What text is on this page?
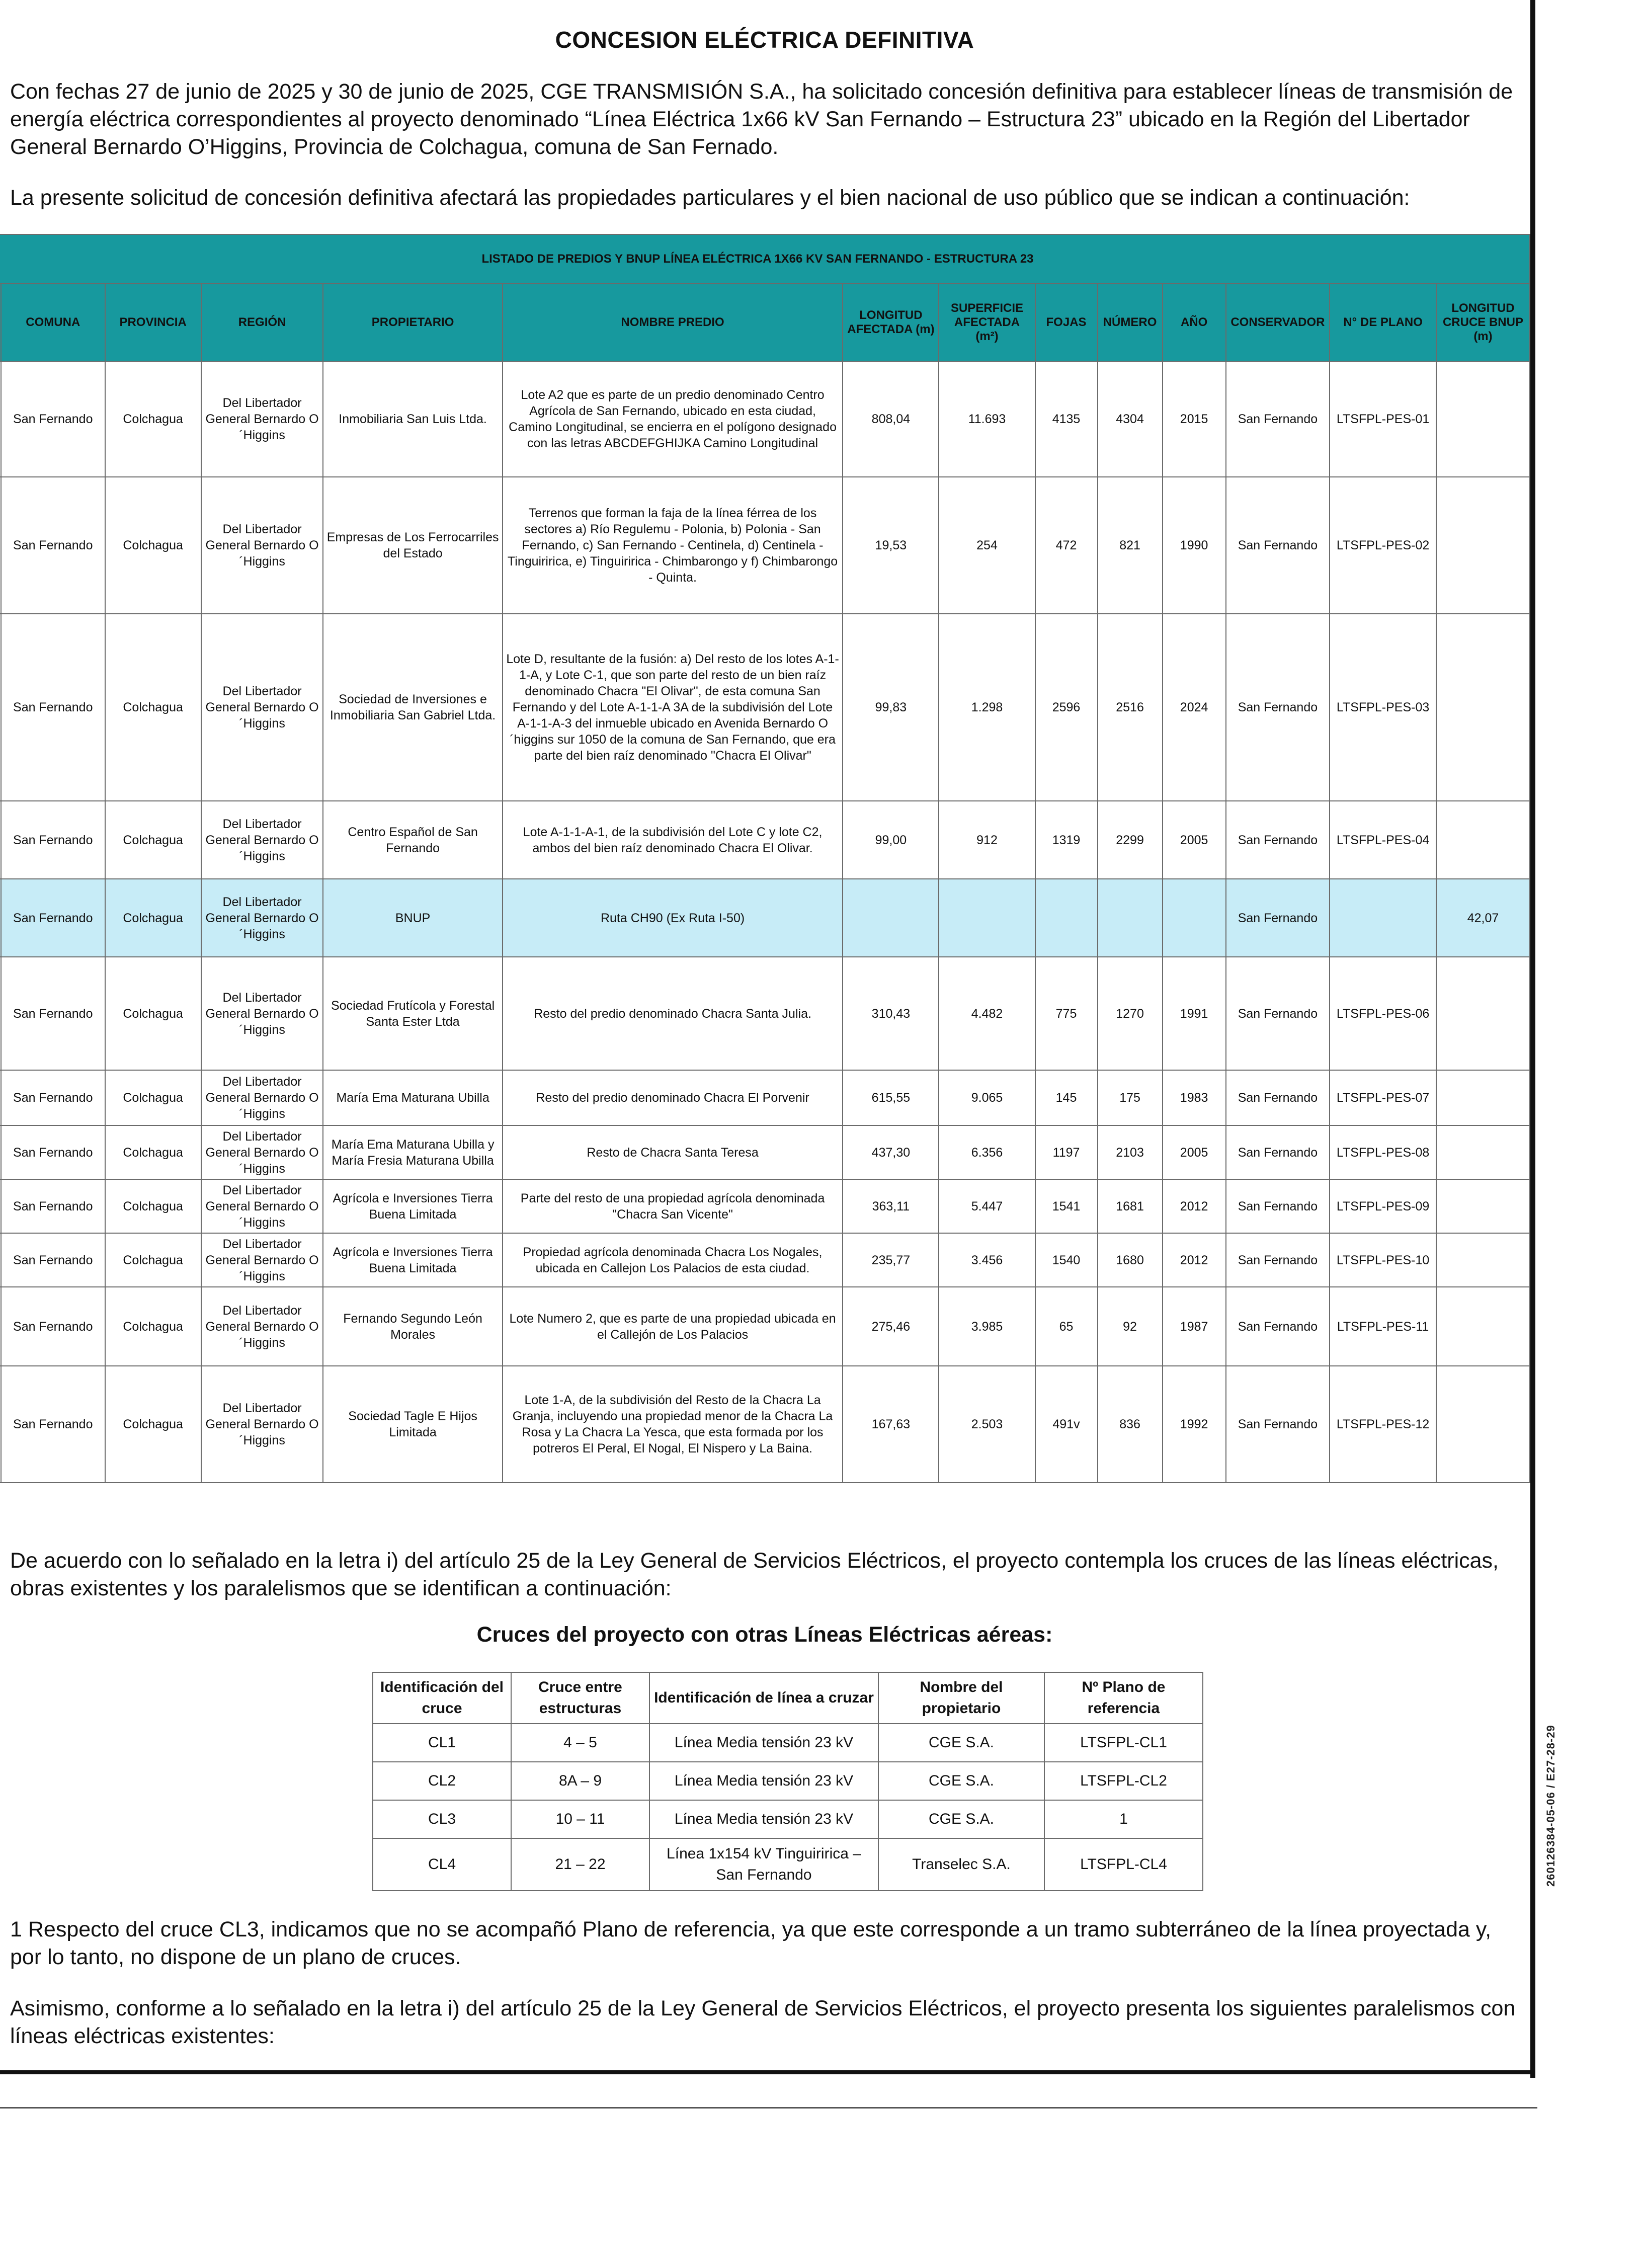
CONCESION ELÉCTRICA DEFINITIVA
Con fechas 27 de junio de 2025 y 30 de junio de 2025, CGE TRANSMISIÓN S.A., ha solicitado concesión definitiva para establecer líneas de transmisión de energía eléctrica correspondientes al proyecto denominado “Línea Eléctrica 1x66 kV San Fernando – Estructura 23” ubicado en la Región del Libertador General Bernardo O’Higgins, Provincia de Colchagua, comuna de San Fernado.
La presente solicitud de concesión definitiva afectará las propiedades particulares y el bien nacional de uso público que se indican a continuación:
LISTADO DE PREDIOS Y BNUP LÍNEA ELÉCTRICA 1X66 KV SAN FERNANDO - ESTRUCTURA 23													
	COMUNA	PROVINCIA	REGIÓN	PROPIETARIO	NOMBRE PREDIO	LONGITUD AFECTADA (m)	SUPERFICIE AFECTADA (m²)	FOJAS	NÚMERO	AÑO	CONSERVADOR	N° DE PLANO	LONGITUD CRUCE BNUP (m)
	San Fernando	Colchagua	Del Libertador General Bernardo O´Higgins	Inmobiliaria San Luis Ltda.	Lote A2 que es parte de un predio denominado Centro Agrícola de San Fernando, ubicado en esta ciudad, Camino Longitudinal, se encierra en el polígono designado con las letras ABCDEFGHIJKA Camino Longitudinal	808,04	11.693	4135	4304	2015	San Fernando	LTSFPL-PES-01	
	San Fernando	Colchagua	Del Libertador General Bernardo O´Higgins	Empresas de Los Ferrocarriles del Estado	Terrenos que forman la faja de la línea férrea de los sectores a) Río Regulemu - Polonia, b) Polonia - San Fernando, c) San Fernando - Centinela, d) Centinela - Tinguiririca, e) Tinguiririca - Chimbarongo y f) Chimbarongo - Quinta.	19,53	254	472	821	1990	San Fernando	LTSFPL-PES-02	
	San Fernando	Colchagua	Del Libertador General Bernardo O´Higgins	Sociedad de Inversiones e Inmobiliaria San Gabriel Ltda.	Lote D, resultante de la fusión: a) Del resto de los lotes A-1-1-A, y Lote C-1, que son parte del resto de un bien raíz denominado Chacra "El Olivar", de esta comuna San Fernando y del Lote A-1-1-A 3A de la subdivisión del Lote A-1-1-A-3 del inmueble ubicado en Avenida Bernardo O´higgins sur 1050 de la comuna de San Fernando, que era parte del bien raíz denominado "Chacra El Olivar"	99,83	1.298	2596	2516	2024	San Fernando	LTSFPL-PES-03	
	San Fernando	Colchagua	Del Libertador General Bernardo O´Higgins	Centro Español de San Fernando	Lote A-1-1-A-1, de la subdivisión del Lote C y lote C2, ambos del bien raíz denominado Chacra El Olivar.	99,00	912	1319	2299	2005	San Fernando	LTSFPL-PES-04	
	San Fernando	Colchagua	Del Libertador General Bernardo O´Higgins	BNUP	Ruta CH90 (Ex Ruta I-50)						San Fernando		42,07
	San Fernando	Colchagua	Del Libertador General Bernardo O´Higgins	Sociedad Frutícola y Forestal Santa Ester Ltda	Resto del predio denominado Chacra Santa Julia.	310,43	4.482	775	1270	1991	San Fernando	LTSFPL-PES-06	
	San Fernando	Colchagua	Del Libertador General Bernardo O´Higgins	María Ema Maturana Ubilla	Resto del predio denominado Chacra El Porvenir	615,55	9.065	145	175	1983	San Fernando	LTSFPL-PES-07	
	San Fernando	Colchagua	Del Libertador General Bernardo O´Higgins	María Ema Maturana Ubilla y María Fresia Maturana Ubilla	Resto de Chacra Santa Teresa	437,30	6.356	1197	2103	2005	San Fernando	LTSFPL-PES-08	
	San Fernando	Colchagua	Del Libertador General Bernardo O´Higgins	Agrícola e Inversiones Tierra Buena Limitada	Parte del resto de una propiedad agrícola denominada "Chacra San Vicente"	363,11	5.447	1541	1681	2012	San Fernando	LTSFPL-PES-09	
	San Fernando	Colchagua	Del Libertador General Bernardo O´Higgins	Agrícola e Inversiones Tierra Buena Limitada	Propiedad agrícola denominada Chacra Los Nogales, ubicada en Callejon Los Palacios de esta ciudad.	235,77	3.456	1540	1680	2012	San Fernando	LTSFPL-PES-10	
	San Fernando	Colchagua	Del Libertador General Bernardo O´Higgins	Fernando Segundo León Morales	Lote Numero 2, que es parte de una propiedad ubicada en el Callejón de Los Palacios	275,46	3.985	65	92	1987	San Fernando	LTSFPL-PES-11	
	San Fernando	Colchagua	Del Libertador General Bernardo O´Higgins	Sociedad Tagle E Hijos Limitada	Lote 1-A, de la subdivisión del Resto de la Chacra La Granja, incluyendo una propiedad menor de la Chacra La Rosa y La Chacra La Yesca, que esta formada por los potreros El Peral, El Nogal, El Nispero y La Baina.	167,63	2.503	491v	836	1992	San Fernando	LTSFPL-PES-12	
De acuerdo con lo señalado en la letra i) del artículo 25 de la Ley General de Servicios Eléctricos, el proyecto contempla los cruces de las líneas eléctricas, obras existentes y los paralelismos que se identifican a continuación:
Cruces del proyecto con otras Líneas Eléctricas aéreas:
Identificación del cruce	Cruce entre estructuras	Identificación de línea a cruzar	Nombre del propietario	Nº Plano de referencia
CL1	4 – 5	Línea Media tensión 23 kV	CGE S.A.	LTSFPL-CL1
CL2	8A – 9	Línea Media tensión 23 kV	CGE S.A.	LTSFPL-CL2
CL3	10 – 11	Línea Media tensión 23 kV	CGE S.A.	1
CL4	21 – 22	Línea 1x154 kV Tinguiririca – San Fernando	Transelec S.A.	LTSFPL-CL4
1 Respecto del cruce CL3, indicamos que no se acompañó Plano de referencia, ya que este corresponde a un tramo subterráneo de la línea proyectada y, por lo tanto, no dispone de un plano de cruces.
Asimismo, conforme a lo señalado en la letra i) del artículo 25 de la Ley General de Servicios Eléctricos, el proyecto presenta los siguientes paralelismos con líneas eléctricas existentes:
260126384-05-06 / E27-28-29
